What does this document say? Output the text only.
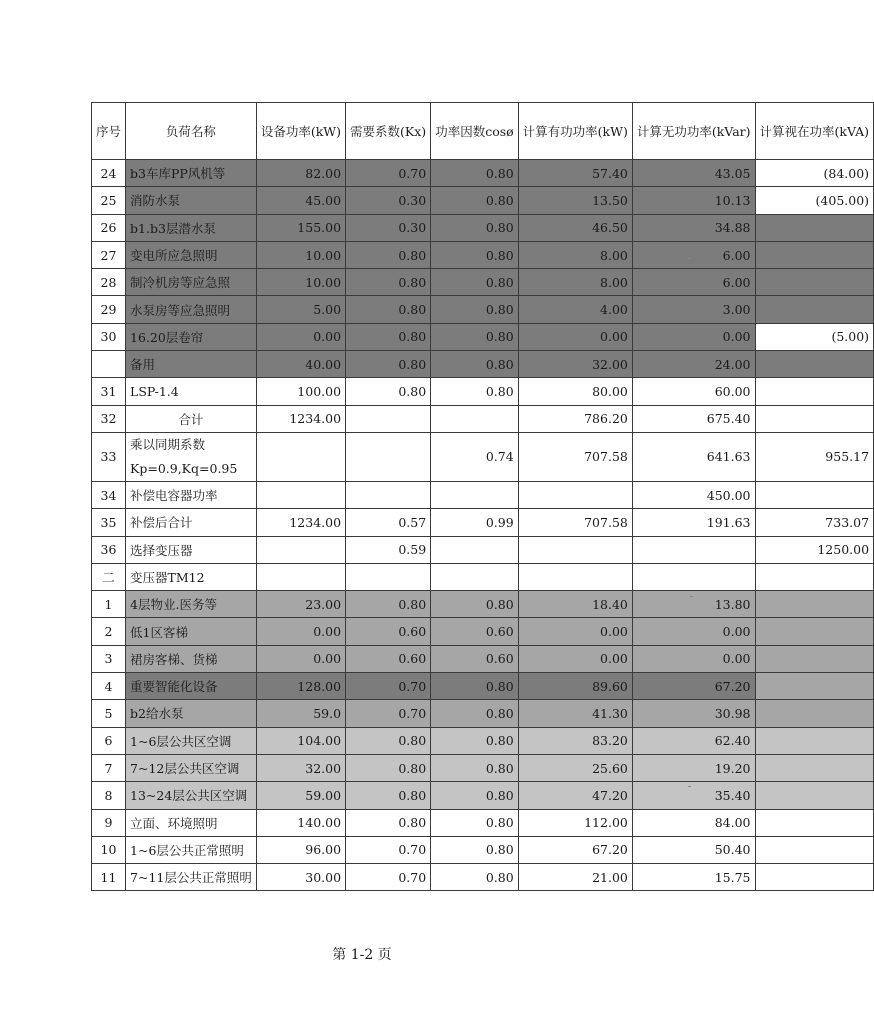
序号	负荷名称	设备功率(kW)	需要系数(Kx)	功率因数cosø	计算有功功率(kW)	计算无功功率(kVar)	计算视在功率(kVA)
24	b3车库PP风机等	82.00	0.70	0.80	57.40	43.05	(84.00)
25	消防水泵	45.00	0.30	0.80	13.50	10.13	(405.00)
26	b1.b3层潜水泵	155.00	0.30	0.80	46.50	34.88	
27	变电所应急照明	10.00	0.80	0.80	8.00	6.00	
28	制冷机房等应急照	10.00	0.80	0.80	8.00	6.00	
29	水泵房等应急照明	5.00	0.80	0.80	4.00	3.00	
30	16.20层卷帘	0.00	0.80	0.80	0.00	0.00	(5.00)
	备用	40.00	0.80	0.80	32.00	24.00	
31	LSP-1.4	100.00	0.80	0.80	80.00	60.00	
32	合计	1234.00			786.20	675.40	
33	乘以同期系数
Kp=0.9,Kq=0.95			0.74	707.58	641.63	955.17
34	补偿电容器功率					450.00	
35	补偿后合计	1234.00	0.57	0.99	707.58	191.63	733.07
36	选择变压器		0.59				1250.00
二	变压器TM12						
1	4层物业.医务等	23.00	0.80	0.80	18.40	13.80	
2	低1区客梯	0.00	0.60	0.60	0.00	0.00	
3	裙房客梯、货梯	0.00	0.60	0.60	0.00	0.00	
4	重要智能化设备	128.00	0.70	0.80	89.60	67.20	
5	b2给水泵	59.0	0.70	0.80	41.30	30.98	
6	1~6层公共区空调	104.00	0.80	0.80	83.20	62.40	
7	7~12层公共区空调	32.00	0.80	0.80	25.60	19.20	
8	13~24层公共区空调	59.00	0.80	0.80	47.20	35.40	
9	立面、环境照明	140.00	0.80	0.80	112.00	84.00	
10	1~6层公共正常照明	96.00	0.70	0.80	67.20	50.40	
11	7~11层公共正常照明	30.00	0.70	0.80	21.00	15.75	
第 1-2 页
